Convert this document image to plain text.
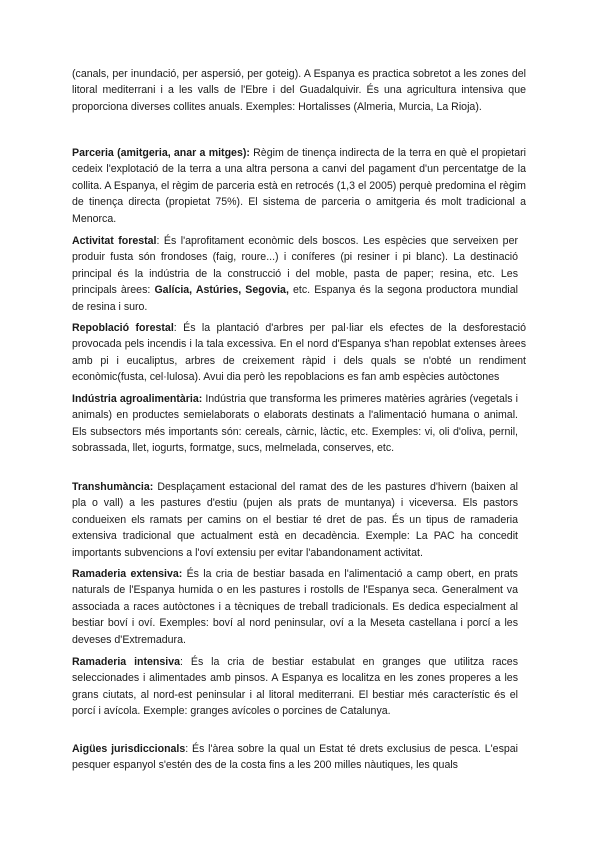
(canals, per inundació, per aspersió, per goteig). A Espanya es practica sobretot a les zones del litoral mediterrani i a les valls de l'Ebre i del Guadalquivir. És una agricultura intensiva que proporciona diverses collites anuals. Exemples: Hortalisses (Almeria, Murcia, La Rioja).

Parceria (amitgeria, anar a mitges): Règim de tinença indirecta de la terra en què el propietari cedeix l'explotació de la terra a una altra persona a canvi del pagament d'un percentatge de la collita. A Espanya, el règim de parceria està en retrocés (1,3 el 2005) perquè predomina el règim de tinença directa (propietat 75%). El sistema de parceria o amitgeria és molt tradicional a Menorca.

Activitat forestal: És l'aprofitament econòmic dels boscos. Les espècies que serveixen per produir fusta són frondoses (faig, roure...) i coníferes (pi resiner i pi blanc). La destinació principal és la indústria de la construcció i del moble, pasta de paper; resina, etc. Les principals àrees: Galícia, Astúries, Segovia, etc. Espanya és la segona productora mundial de resina i suro.

Repoblació forestal: És la plantació d'arbres per pal·liar els efectes de la desforestació provocada pels incendis i la tala excessiva. En el nord d'Espanya s'han repoblat extenses àrees amb pi i eucaliptus, arbres de creixement ràpid i dels quals se n'obté un rendiment econòmic(fusta, cel·lulosa). Avui dia però les repoblacions es fan amb espècies autòctones

Indústria agroalimentària: Indústria que transforma les primeres matèries agràries (vegetals i animals) en productes semielaborats o elaborats destinats a l'alimentació humana o animal. Els subsectors més importants són: cereals, càrnic, làctic, etc. Exemples: vi, oli d'oliva, pernil, sobrassada, llet, iogurts, formatge, sucs, melmelada, conserves, etc.

Transhumància: Desplaçament estacional del ramat des de les pastures d'hivern (baixen al pla o vall) a les pastures d'estiu (pujen als prats de muntanya) i viceversa. Els pastors condueixen els ramats per camins on el bestiar té dret de pas. És un tipus de ramaderia extensiva tradicional que actualment està en decadència. Exemple: La PAC ha concedit importants subvencions a l'oví extensiu per evitar l'abandonament activitat.

Ramaderia extensiva: És la cria de bestiar basada en l'alimentació a camp obert, en prats naturals de l'Espanya humida o en les pastures i rostolls de l'Espanya seca. Generalment va associada a races autòctones i a tècniques de treball tradicionals. Es dedica especialment al bestiar boví i oví. Exemples: boví al nord peninsular, oví a la Meseta castellana i porcí a les deveses d'Extremadura.

Ramaderia intensiva: És la cria de bestiar estabulat en granges que utilitza races seleccionades i alimentades amb pinsos. A Espanya es localitza en les zones properes a les grans ciutats, al nord-est peninsular i al litoral mediterrani. El bestiar més característic és el porcí i avícola. Exemple: granges avícoles o porcines de Catalunya.

Aigües jurisdiccionals: És l'àrea sobre la qual un Estat té drets exclusius de pesca. L'espai pesquer espanyol s'estén des de la costa fins a les 200 milles nàutiques, les quals
